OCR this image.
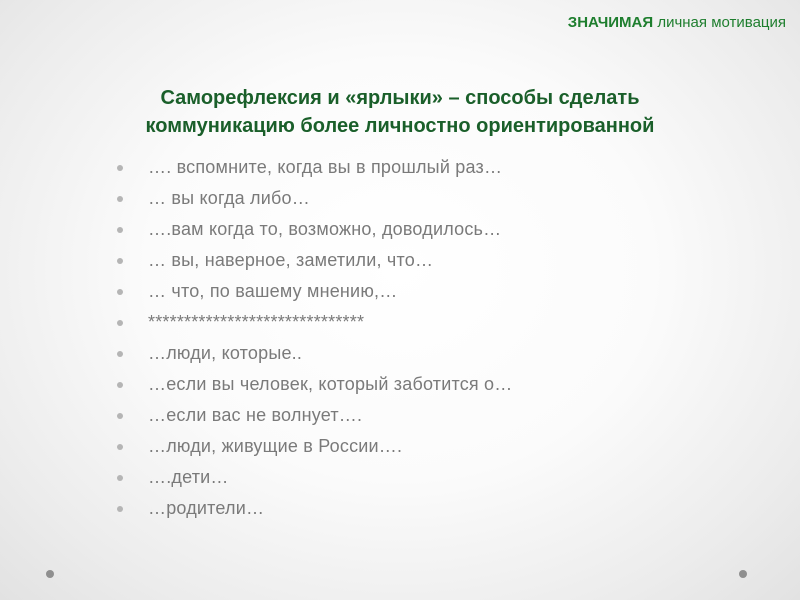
ЗНАЧИМАЯ личная мотивация
Саморефлексия и «ярлыки» – способы сделать
коммуникацию более личностно ориентированной
…. вспомните, когда вы в прошлый раз…
… вы когда либо…
….вам когда то, возможно, доводилось…
… вы, наверное, заметили, что…
… что, по вашему мнению,…
******************************
…люди, которые..
…если вы человек, который заботится о…
…если вас не волнует….
…люди, живущие в России….
….дети…
…родители…
